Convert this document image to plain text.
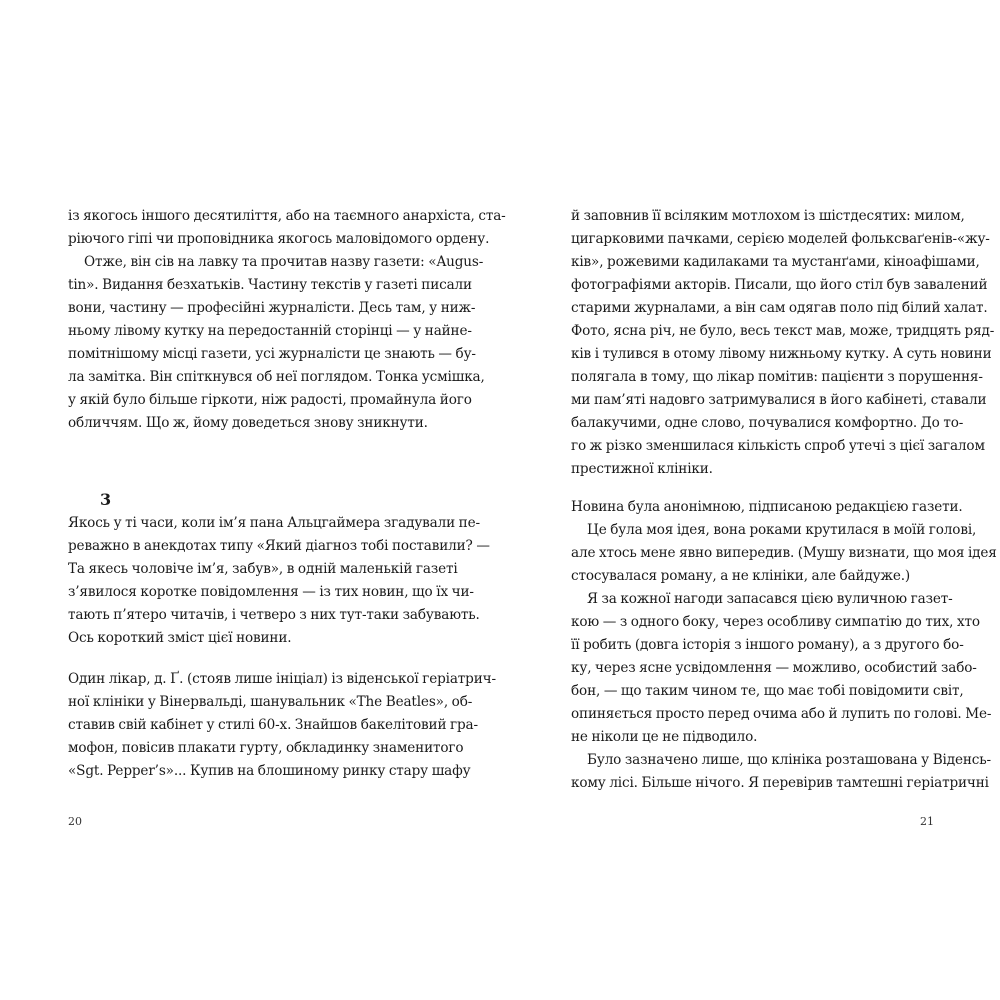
із якогось іншого десятиліття, або на таємного анархіста, ста-
ріючого гіпі чи проповідника якогось маловідомого ордену.
Отже, він сів на лавку та прочитав назву газети: «Augus-
tin». Видання безхатьків. Частину текстів у газеті писали
вони, частину — професійні журналісти. Десь там, у ниж-
ньому лівому кутку на передостанній сторінці — у найне-
помітнішому місці газети, усі журналісти це знають — бу-
ла замітка. Він спіткнувся об неї поглядом. Тонка усмішка,
у якій було більше гіркоти, ніж радості, промайнула його
обличчям. Що ж, йому доведеться знову зникнути.
3
Якось у ті часи, коли ім’я пана Альцгаймера згадували пе-
реважно в анекдотах типу «Який діагноз тобі поставили? —
Та якесь чоловіче ім’я, забув», в одній маленькій газеті
з’явилося коротке повідомлення — із тих новин, що їх чи-
тають п’ятеро читачів, і четверо з них тут-таки забувають.
Ось короткий зміст цієї новини.
Один лікар, д. Ґ. (стояв лише ініціал) із віденської геріатрич-
ної клініки у Вінервальді, шанувальник «The Beatles», об-
ставив свій кабінет у стилі 60-х. Знайшов бакелітовий гра-
мофон, повісив плакати гурту, обкладинку знаменитого
«Sgt. Pepper’s»... Купив на блошиному ринку стару шафу
20
й заповнив її всіляким мотлохом із шістдесятих: милом,
цигарковими пачками, серією моделей фольксваґенів-«жу-
ків», рожевими кадилаками та мустанґами, кіноафішами,
фотографіями акторів. Писали, що його стіл був завалений
старими журналами, а він сам одягав поло під білий халат.
Фото, ясна річ, не було, весь текст мав, може, тридцять ряд-
ків і тулився в отому лівому нижньому кутку. А суть новини
полягала в тому, що лікар помітив: пацієнти з порушення-
ми пам’яті надовго затримувалися в його кабінеті, ставали
балакучими, одне слово, почувалися комфортно. До то-
го ж різко зменшилася кількість спроб утечі з цієї загалом
престижної клініки.
Новина була анонімною, підписаною редакцією газети.
Це була моя ідея, вона роками крутилася в моїй голові,
але хтось мене явно випередив. (Мушу визнати, що моя ідея
стосувалася роману, а не клініки, але байдуже.)
Я за кожної нагоди запасався цією вуличною газет-
кою — з одного боку, через особливу симпатію до тих, хто
її робить (довга історія з іншого роману), а з другого бо-
ку, через ясне усвідомлення — можливо, особистий забо-
бон, — що таким чином те, що має тобі повідомити світ,
опиняється просто перед очима або й лупить по голові. Ме-
не ніколи це не підводило.
Було зазначено лише, що клініка розташована у Віденсь-
кому лісі. Більше нічого. Я перевірив тамтешні геріатричні
21
